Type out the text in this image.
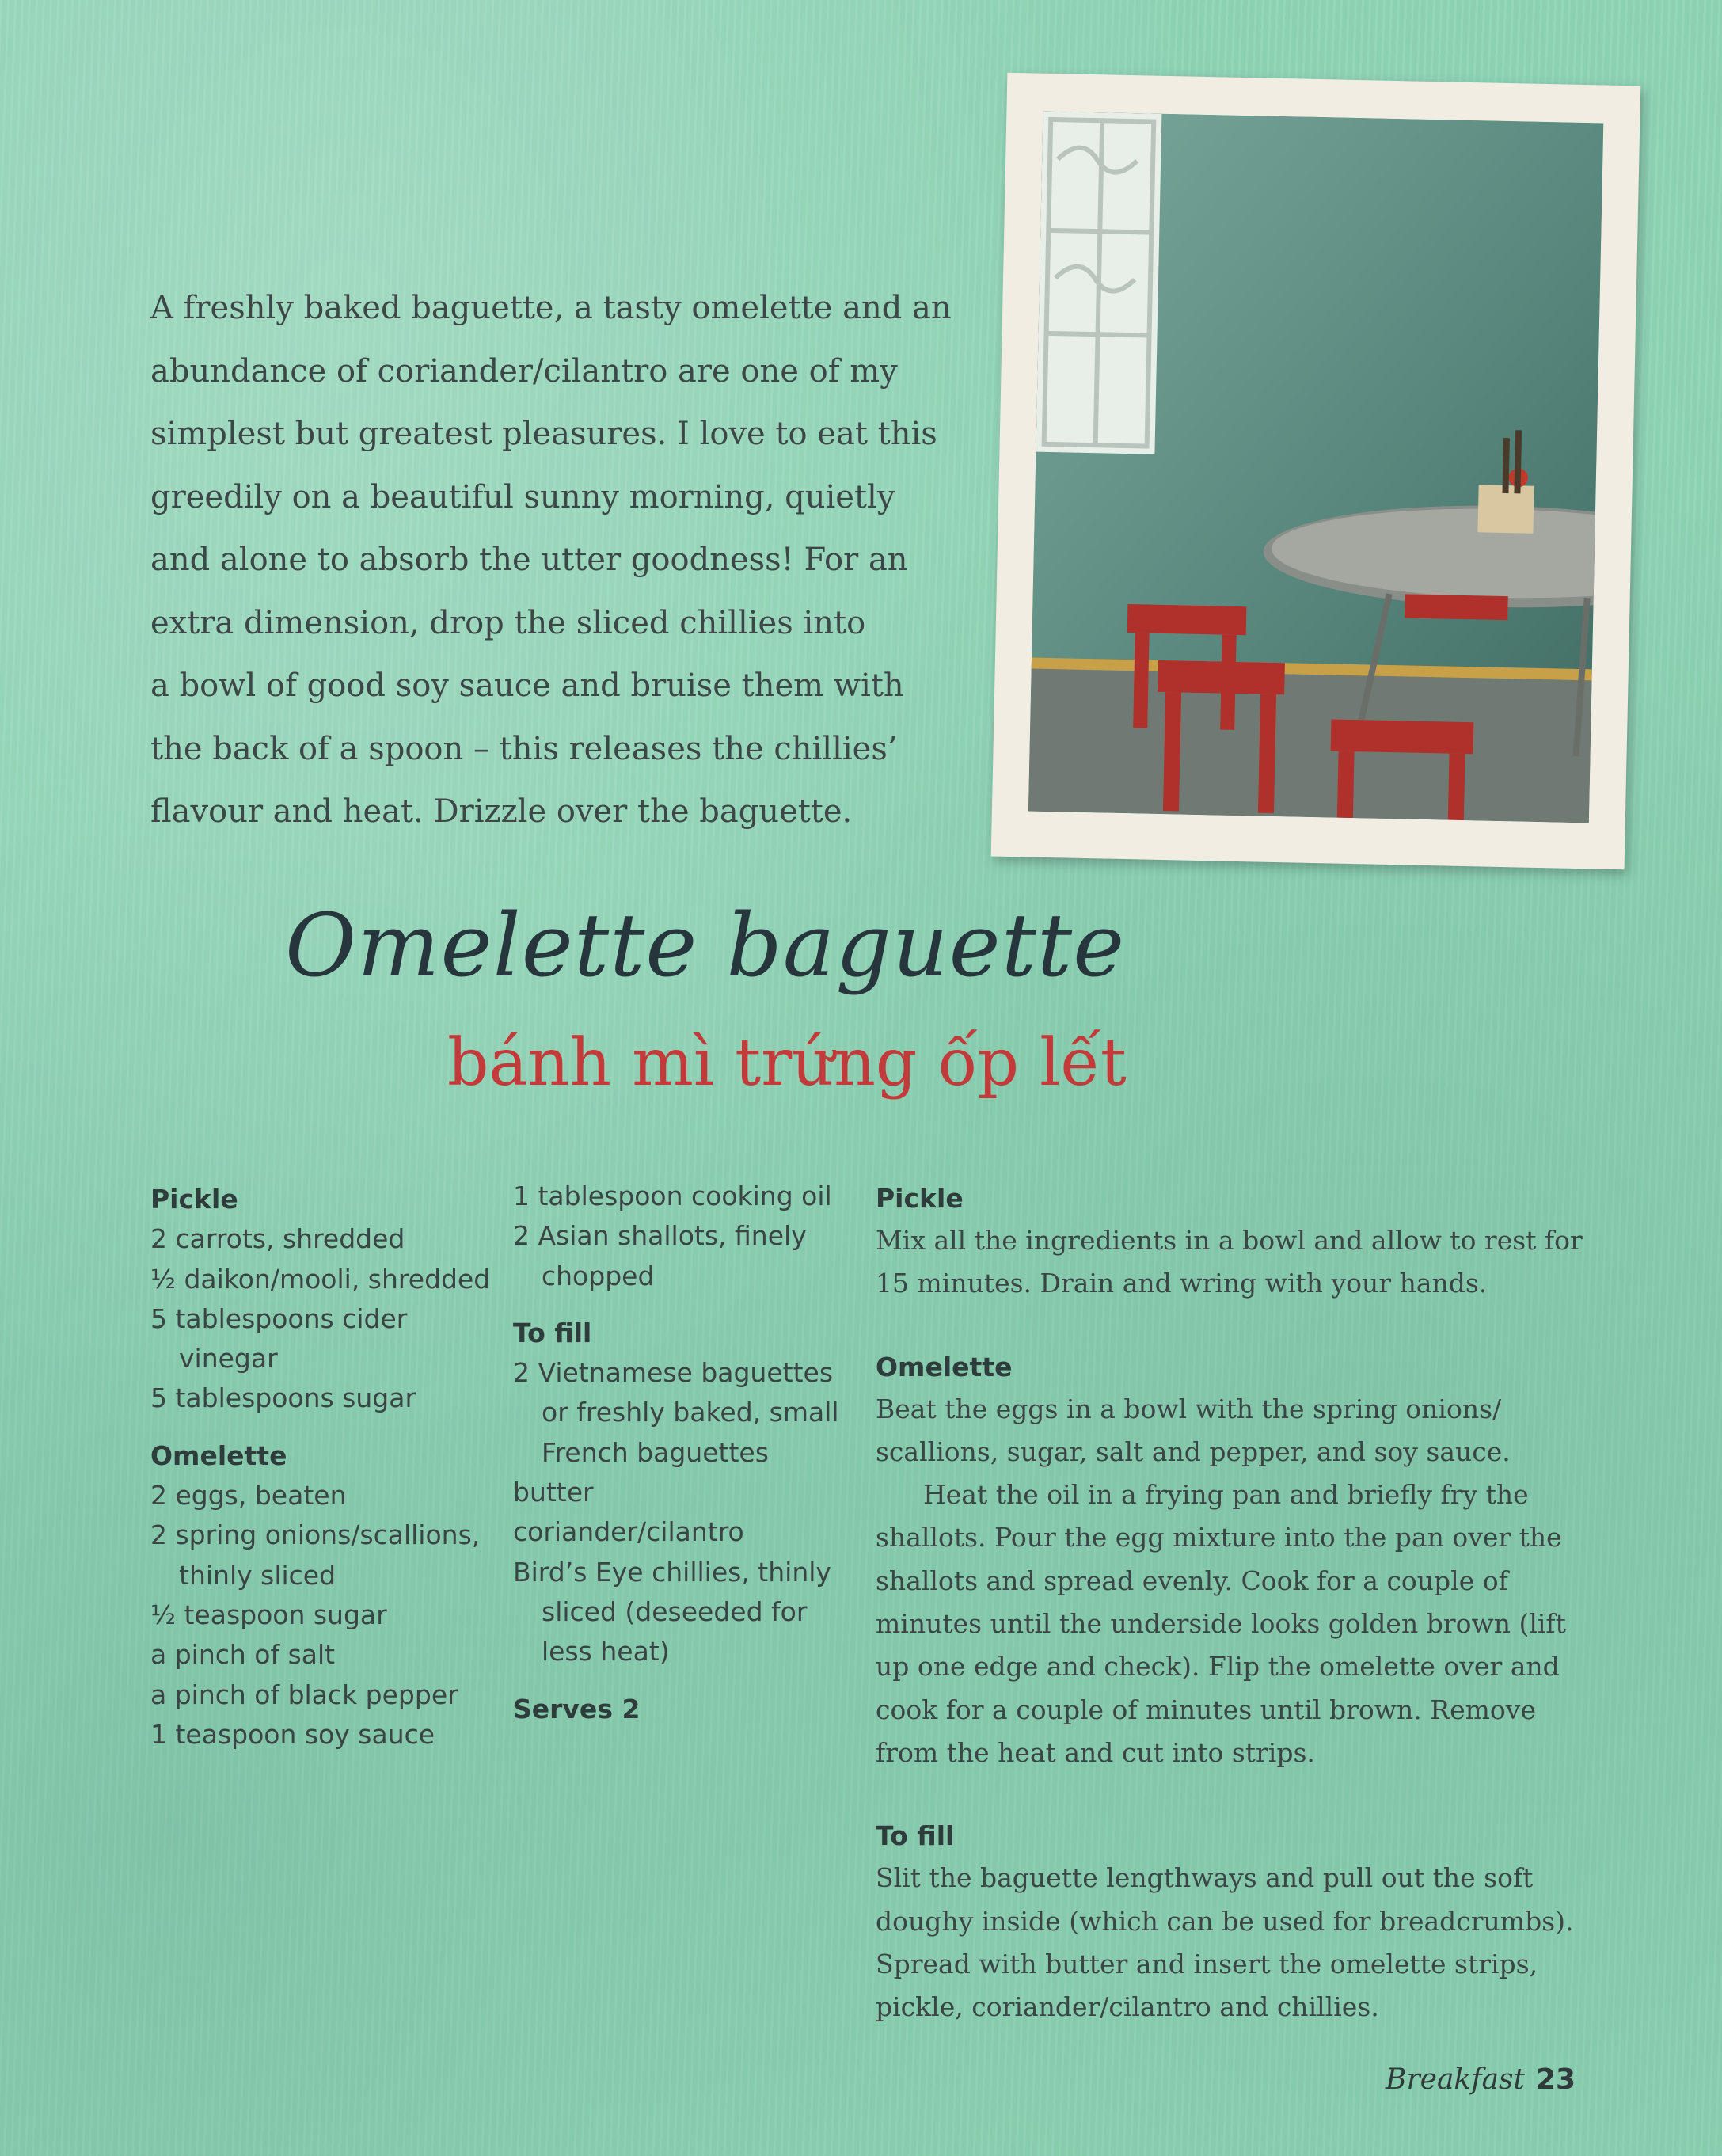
A freshly baked baguette, a tasty omelette and an
abundance of coriander/cilantro are one of my
simplest but greatest pleasures. I love to eat this
greedily on a beautiful sunny morning, quietly
and alone to absorb the utter goodness! For an
extra dimension, drop the sliced chillies into
a bowl of good soy sauce and bruise them with
the back of a spoon – this releases the chillies’
flavour and heat. Drizzle over the baguette.
Omelette baguette
bánh mì trứng ốp lết
Pickle
2 carrots, shredded
½ daikon/mooli, shredded
5 tablespoons cider
vinegar
5 tablespoons sugar
Omelette
2 eggs, beaten
2 spring onions/scallions,
thinly sliced
½ teaspoon sugar
a pinch of salt
a pinch of black pepper
1 teaspoon soy sauce
1 tablespoon cooking oil
2 Asian shallots, finely
chopped
To fill
2 Vietnamese baguettes
or freshly baked, small
French baguettes
butter
coriander/cilantro
Bird’s Eye chillies, thinly
sliced (deseeded for
less heat)
Serves 2
Pickle
Mix all the ingredients in a bowl and allow to rest for
15 minutes. Drain and wring with your hands.
Omelette
Beat the eggs in a bowl with the spring onions/
scallions, sugar, salt and pepper, and soy sauce.
Heat the oil in a frying pan and briefly fry the
shallots. Pour the egg mixture into the pan over the
shallots and spread evenly. Cook for a couple of
minutes until the underside looks golden brown (lift
up one edge and check). Flip the omelette over and
cook for a couple of minutes until brown. Remove
from the heat and cut into strips.
To fill
Slit the baguette lengthways and pull out the soft
doughy inside (which can be used for breadcrumbs).
Spread with butter and insert the omelette strips,
pickle, coriander/cilantro and chillies.
Breakfast 23
